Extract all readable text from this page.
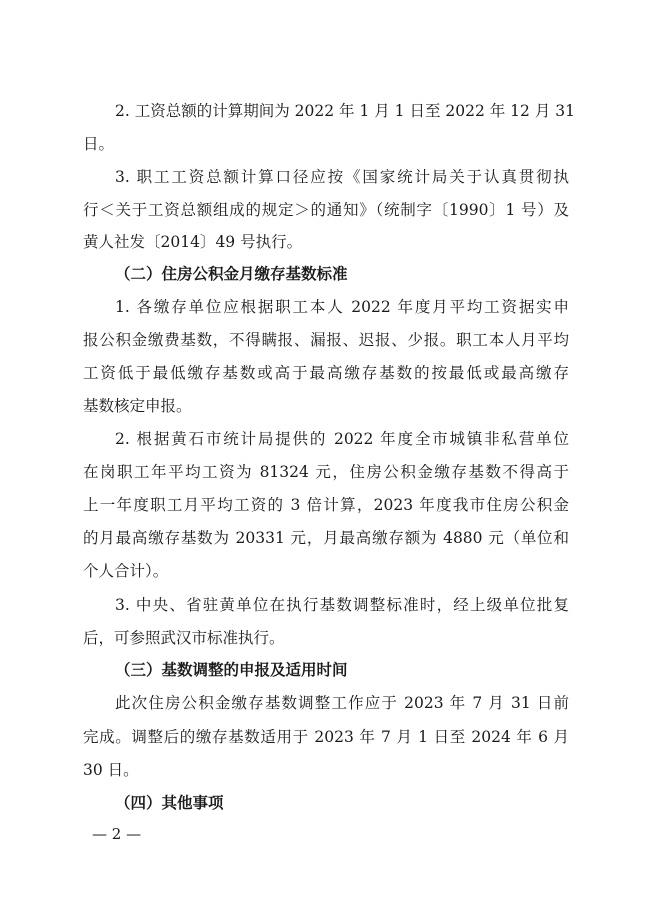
2. 工资总额的计算期间为 2022 年 1 月 1 日至 2022 年 12 月 31
日。
3. 职工工资总额计算口径应按《国家统计局关于认真贯彻执
行＜关于工资总额组成的规定＞的通知》（统制字〔1990〕1 号）及
黄人社发〔2014〕49 号执行。
（二）住房公积金月缴存基数标准
1. 各缴存单位应根据职工本人 2022 年度月平均工资据实申
报公积金缴费基数，不得瞒报、漏报、迟报、少报。职工本人月平均
工资低于最低缴存基数或高于最高缴存基数的按最低或最高缴存
基数核定申报。
2. 根据黄石市统计局提供的 2022 年度全市城镇非私营单位
在岗职工年平均工资为 81324 元，住房公积金缴存基数不得高于
上一年度职工月平均工资的 3 倍计算，2023 年度我市住房公积金
的月最高缴存基数为 20331 元，月最高缴存额为 4880 元（单位和
个人合计）。
3. 中央、省驻黄单位在执行基数调整标准时，经上级单位批复
后，可参照武汉市标准执行。
（三）基数调整的申报及适用时间
此次住房公积金缴存基数调整工作应于 2023 年 7 月 31 日前
完成。调整后的缴存基数适用于 2023 年 7 月 1 日至 2024 年 6 月
30 日。
（四）其他事项
— 2 —
